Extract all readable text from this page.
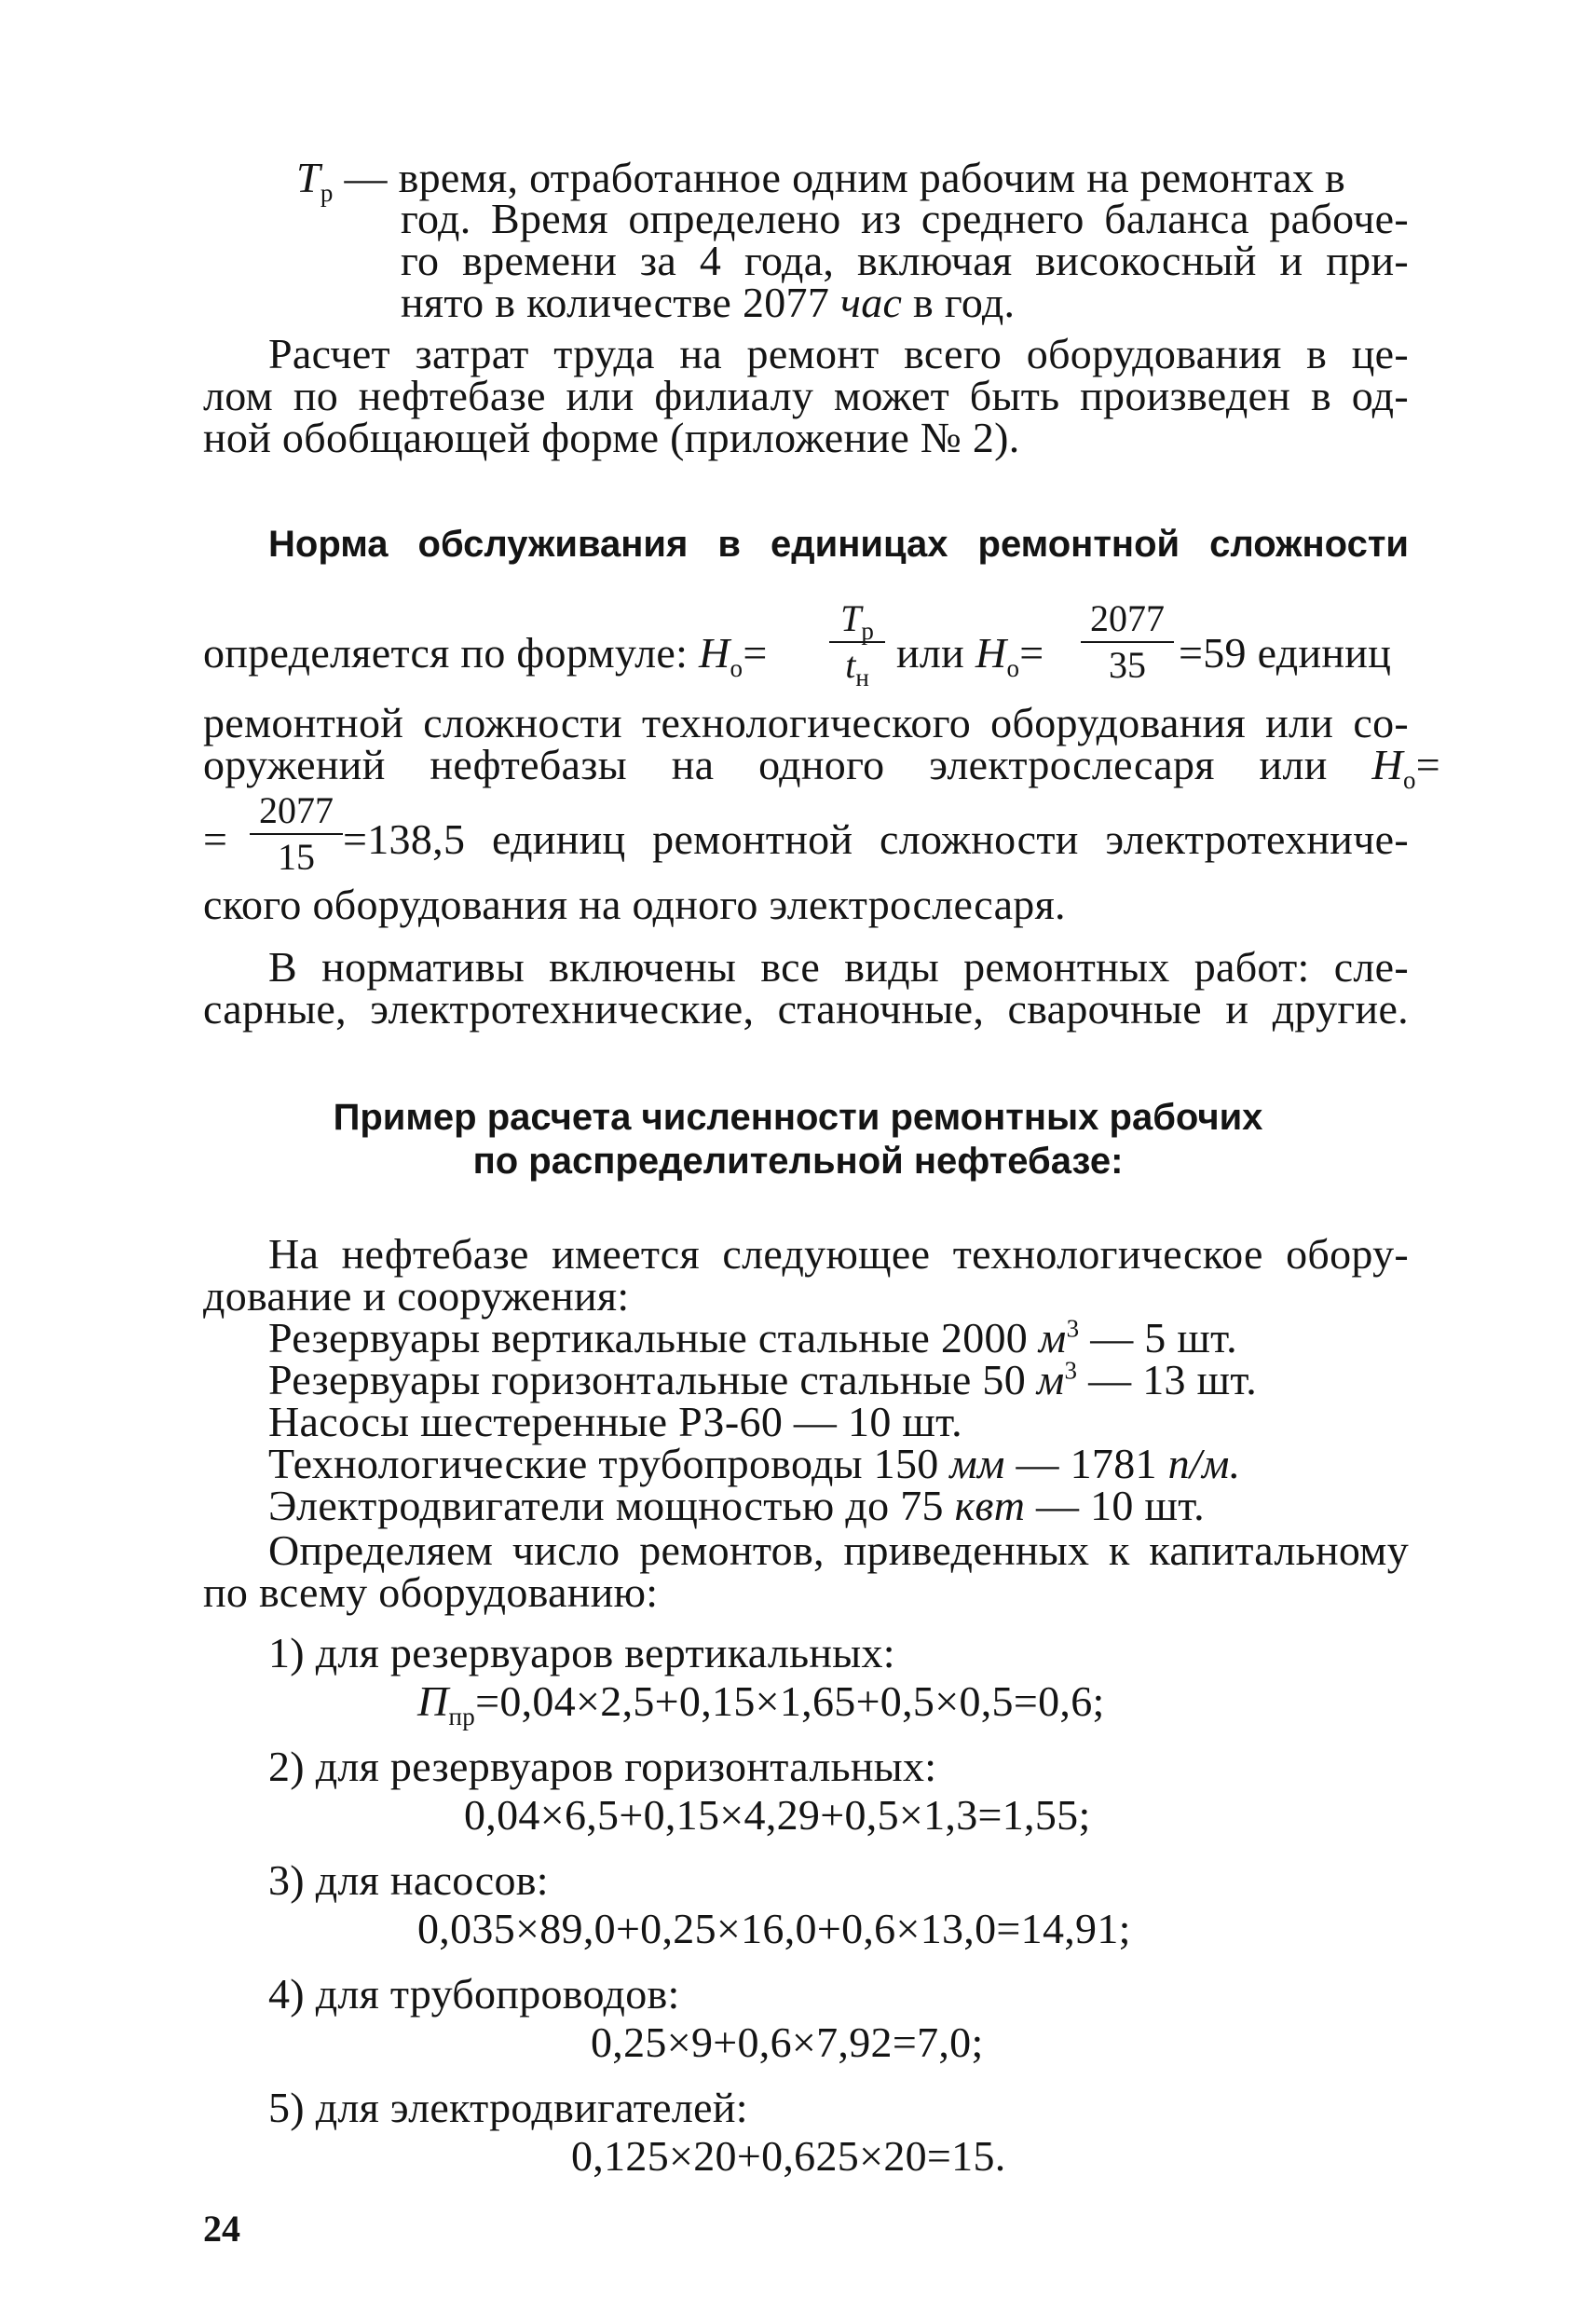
$T_р$ — время, отработанное одним рабочим на ремонтах в
год. Время определено из среднего баланса рабоче-
го времени за 4 года, включая високосный и при-
нято в количестве 2077 час в год.
Расчет затрат труда на ремонт всего оборудования в це-
лом по нефтебазе или филиалу может быть произведен в од-
ной обобщающей форме (приложение № 2).
Норма обслуживания в единицах ремонтной сложности
определяется по формуле: $Н_о=$
$Т_р$
$t_н$
или $Н_о=$
2077
35 =59 единиц
ремонтной сложности технологического оборудования или со-
оружений нефтебазы на одного электрослесаря или $Н_о=$
=
2077
15 =138,5 единиц ремонтной сложности электротехниче-
ского оборудования на одного электрослесаря.
В нормативы включены все виды ремонтных работ: сле-
сарные, электротехнические, станочные, сварочные и другие.
Пример расчета численности ремонтных рабочих
по распределительной нефтебазе:
На нефтебазе имеется следующее технологическое обору-
дование и сооружения:
Резервуары вертикальные стальные 2000 $м^3$ — 5 шт.
Резервуары горизонтальные стальные 50 $м^3$ — 13 шт.
Насосы шестеренные РЗ-60 — 10 шт.
Технологические трубопроводы 150 мм — 1781 п/м.
Электродвигатели мощностью до 75 квт — 10 шт.
Определяем число ремонтов, приведенных к капитальному
по всему оборудованию:
1) для резервуаров вертикальных:
$П_{пр}=0,04\times 2,5+0,15\times 1,65+0,5\times 0,5=0,6$;
2) для резервуаров горизонтальных:
0,04×6,5+0,15×4,29+0,5×1,3=1,55;
3) для насосов:
0,035×89,0+0,25×16,0+0,6×13,0=14,91;
4) для трубопроводов:
0,25×9+0,6×7,92=7,0;
5) для электродвигателей:
0,125×20+0,625×20=15.
24
